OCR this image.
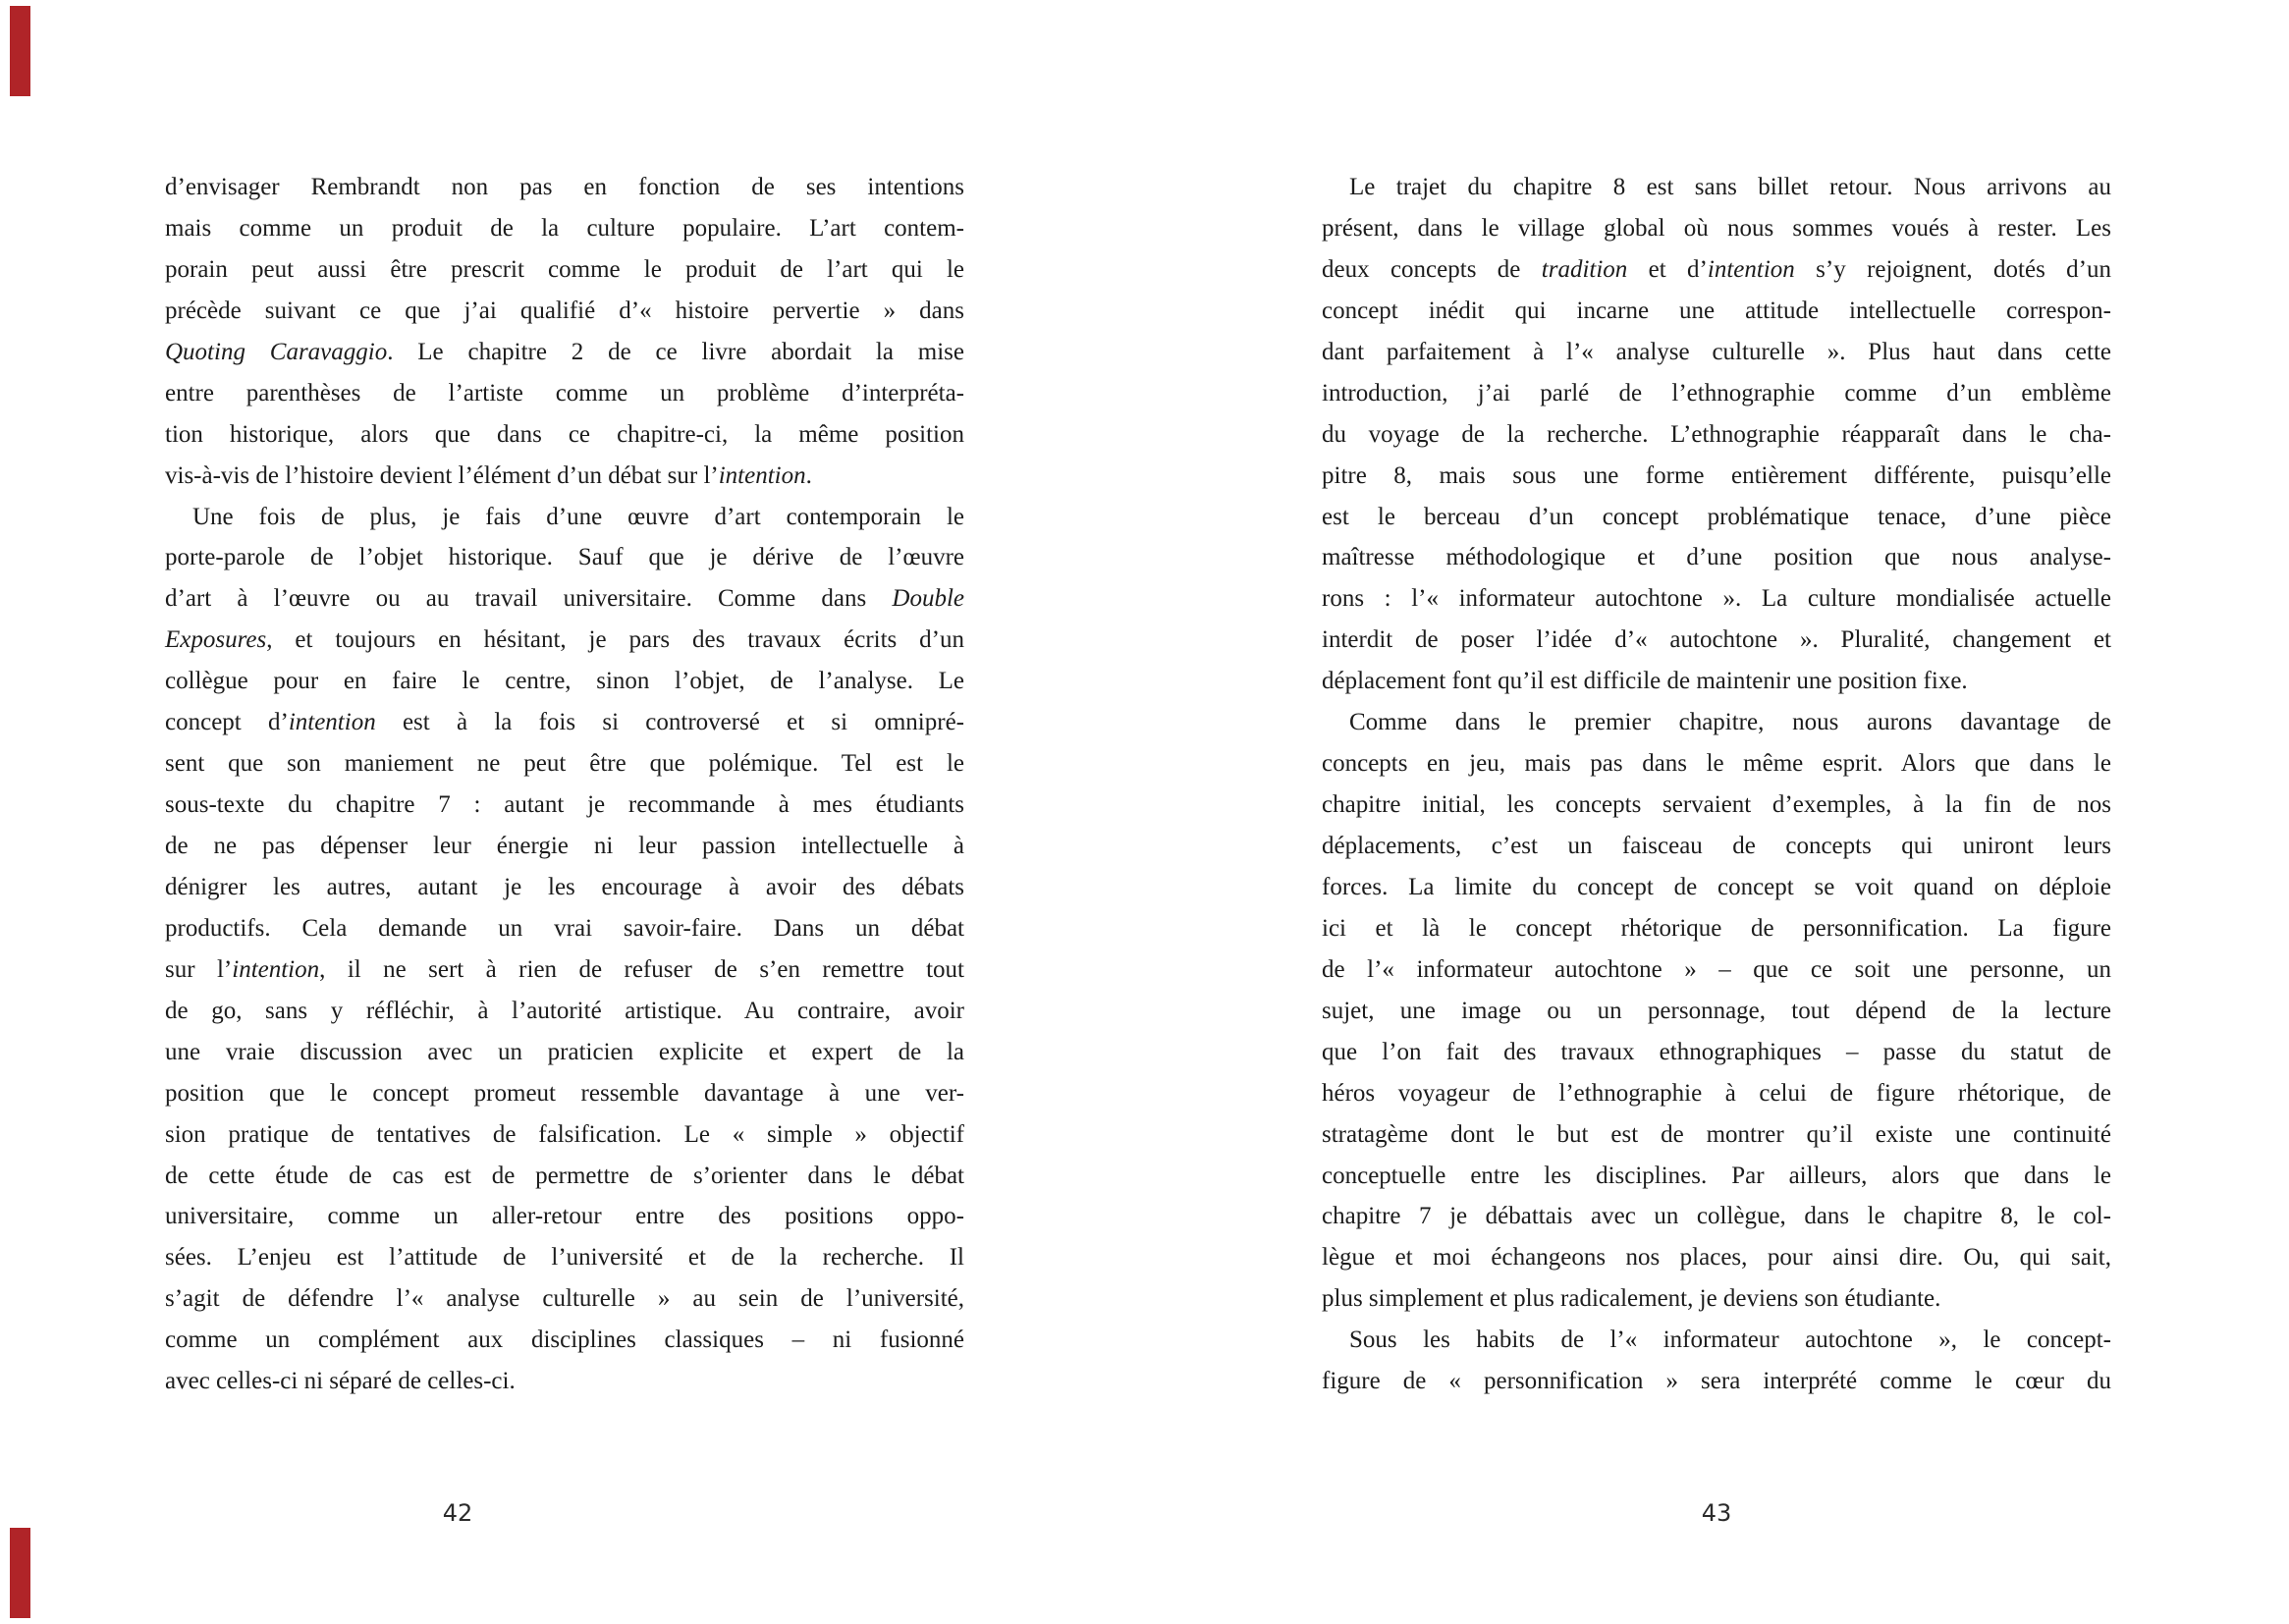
d’envisager Rembrandt non pas en fonction de ses intentions
mais comme un produit de la culture populaire. L’art contem-
porain peut aussi être prescrit comme le produit de l’art qui le
précède suivant ce que j’ai qualifié d’« histoire pervertie » dans
Quoting Caravaggio. Le chapitre 2 de ce livre abordait la mise
entre parenthèses de l’artiste comme un problème d’interpréta-
tion historique, alors que dans ce chapitre-ci, la même position
vis-à-vis de l’histoire devient l’élément d’un débat sur l’intention.
Une fois de plus, je fais d’une œuvre d’art contemporain le
porte-parole de l’objet historique. Sauf que je dérive de l’œuvre
d’art à l’œuvre ou au travail universitaire. Comme dans Double
Exposures, et toujours en hésitant, je pars des travaux écrits d’un
collègue pour en faire le centre, sinon l’objet, de l’analyse. Le
concept d’intention est à la fois si controversé et si omnipré-
sent que son maniement ne peut être que polémique. Tel est le
sous-texte du chapitre 7 : autant je recommande à mes étudiants
de ne pas dépenser leur énergie ni leur passion intellectuelle à
dénigrer les autres, autant je les encourage à avoir des débats
productifs. Cela demande un vrai savoir-faire. Dans un débat
sur l’intention, il ne sert à rien de refuser de s’en remettre tout
de go, sans y réfléchir, à l’autorité artistique. Au contraire, avoir
une vraie discussion avec un praticien explicite et expert de la
position que le concept promeut ressemble davantage à une ver-
sion pratique de tentatives de falsification. Le « simple » objectif
de cette étude de cas est de permettre de s’orienter dans le débat
universitaire, comme un aller-retour entre des positions oppo-
sées. L’enjeu est l’attitude de l’université et de la recherche. Il
s’agit de défendre l’« analyse culturelle » au sein de l’université,
comme un complément aux disciplines classiques – ni fusionné
avec celles-ci ni séparé de celles-ci.
Le trajet du chapitre 8 est sans billet retour. Nous arrivons au
présent, dans le village global où nous sommes voués à rester. Les
deux concepts de tradition et d’intention s’y rejoignent, dotés d’un
concept inédit qui incarne une attitude intellectuelle correspon-
dant parfaitement à l’« analyse culturelle ». Plus haut dans cette
introduction, j’ai parlé de l’ethnographie comme d’un emblème
du voyage de la recherche. L’ethnographie réapparaît dans le cha-
pitre 8, mais sous une forme entièrement différente, puisqu’elle
est le berceau d’un concept problématique tenace, d’une pièce
maîtresse méthodologique et d’une position que nous analyse-
rons : l’« informateur autochtone ». La culture mondialisée actuelle
interdit de poser l’idée d’« autochtone ». Pluralité, changement et
déplacement font qu’il est difficile de maintenir une position fixe.
Comme dans le premier chapitre, nous aurons davantage de
concepts en jeu, mais pas dans le même esprit. Alors que dans le
chapitre initial, les concepts servaient d’exemples, à la fin de nos
déplacements, c’est un faisceau de concepts qui uniront leurs
forces. La limite du concept de concept se voit quand on déploie
ici et là le concept rhétorique de personnification. La figure
de l’« informateur autochtone » – que ce soit une personne, un
sujet, une image ou un personnage, tout dépend de la lecture
que l’on fait des travaux ethnographiques – passe du statut de
héros voyageur de l’ethnographie à celui de figure rhétorique, de
stratagème dont le but est de montrer qu’il existe une continuité
conceptuelle entre les disciplines. Par ailleurs, alors que dans le
chapitre 7 je débattais avec un collègue, dans le chapitre 8, le col-
lègue et moi échangeons nos places, pour ainsi dire. Ou, qui sait,
plus simplement et plus radicalement, je deviens son étudiante.
Sous les habits de l’« informateur autochtone », le concept-
figure de « personnification » sera interprété comme le cœur du
42	43
